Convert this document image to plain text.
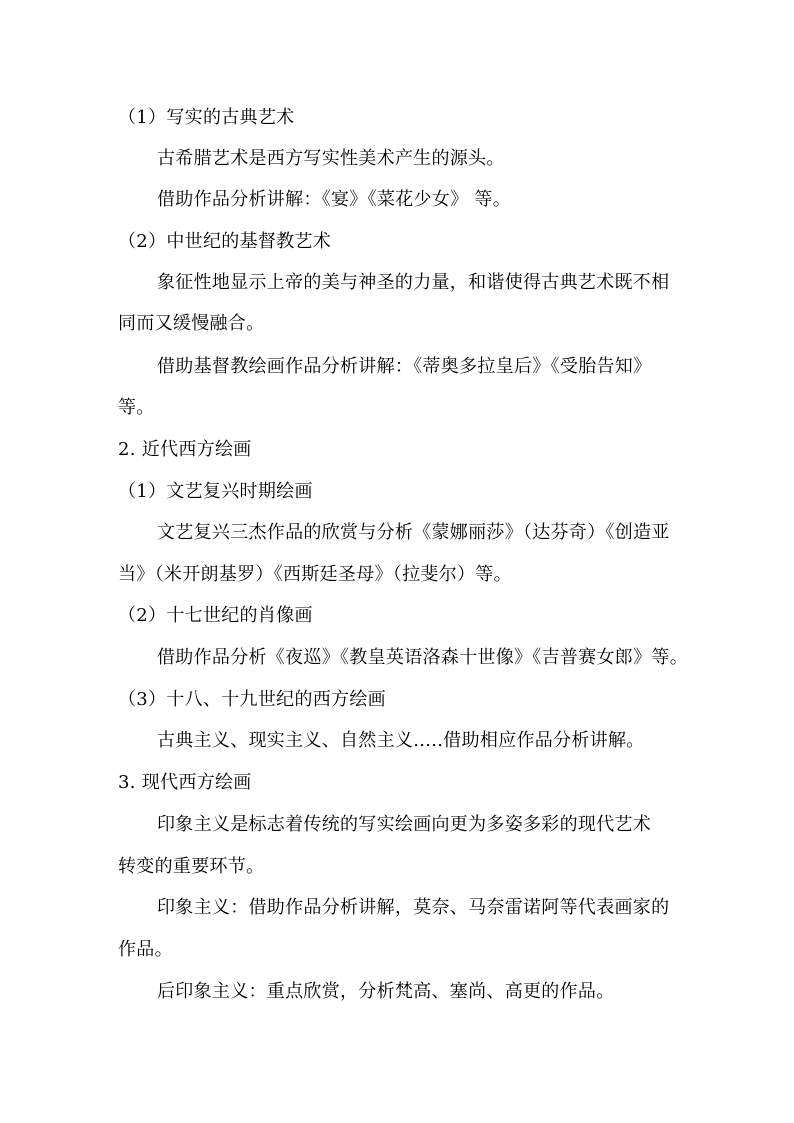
（1）写实的古典艺术
古希腊艺术是西方写实性美术产生的源头。
借助作品分析讲解：《宴》《菜花少女》 等。
（2）中世纪的基督教艺术
象征性地显示上帝的美与神圣的力量，和谐使得古典艺术既不相
同而又缓慢融合。
借助基督教绘画作品分析讲解：《蒂奥多拉皇后》《受胎告知》
等。
2. 近代西方绘画
（1）文艺复兴时期绘画
文艺复兴三杰作品的欣赏与分析《蒙娜丽莎》（达芬奇）《创造亚
当》（米开朗基罗）《西斯廷圣母》（拉斐尔）等。
（2）十七世纪的肖像画
借助作品分析《夜巡》《教皇英语洛森十世像》《吉普赛女郎》等。
（3）十八、十九世纪的西方绘画
古典主义、现实主义、自然主义.....借助相应作品分析讲解。
3. 现代西方绘画
印象主义是标志着传统的写实绘画向更为多姿多彩的现代艺术
转变的重要环节。
印象主义：借助作品分析讲解，莫奈、马奈雷诺阿等代表画家的
作品。
后印象主义：重点欣赏，分析梵高、塞尚、高更的作品。
